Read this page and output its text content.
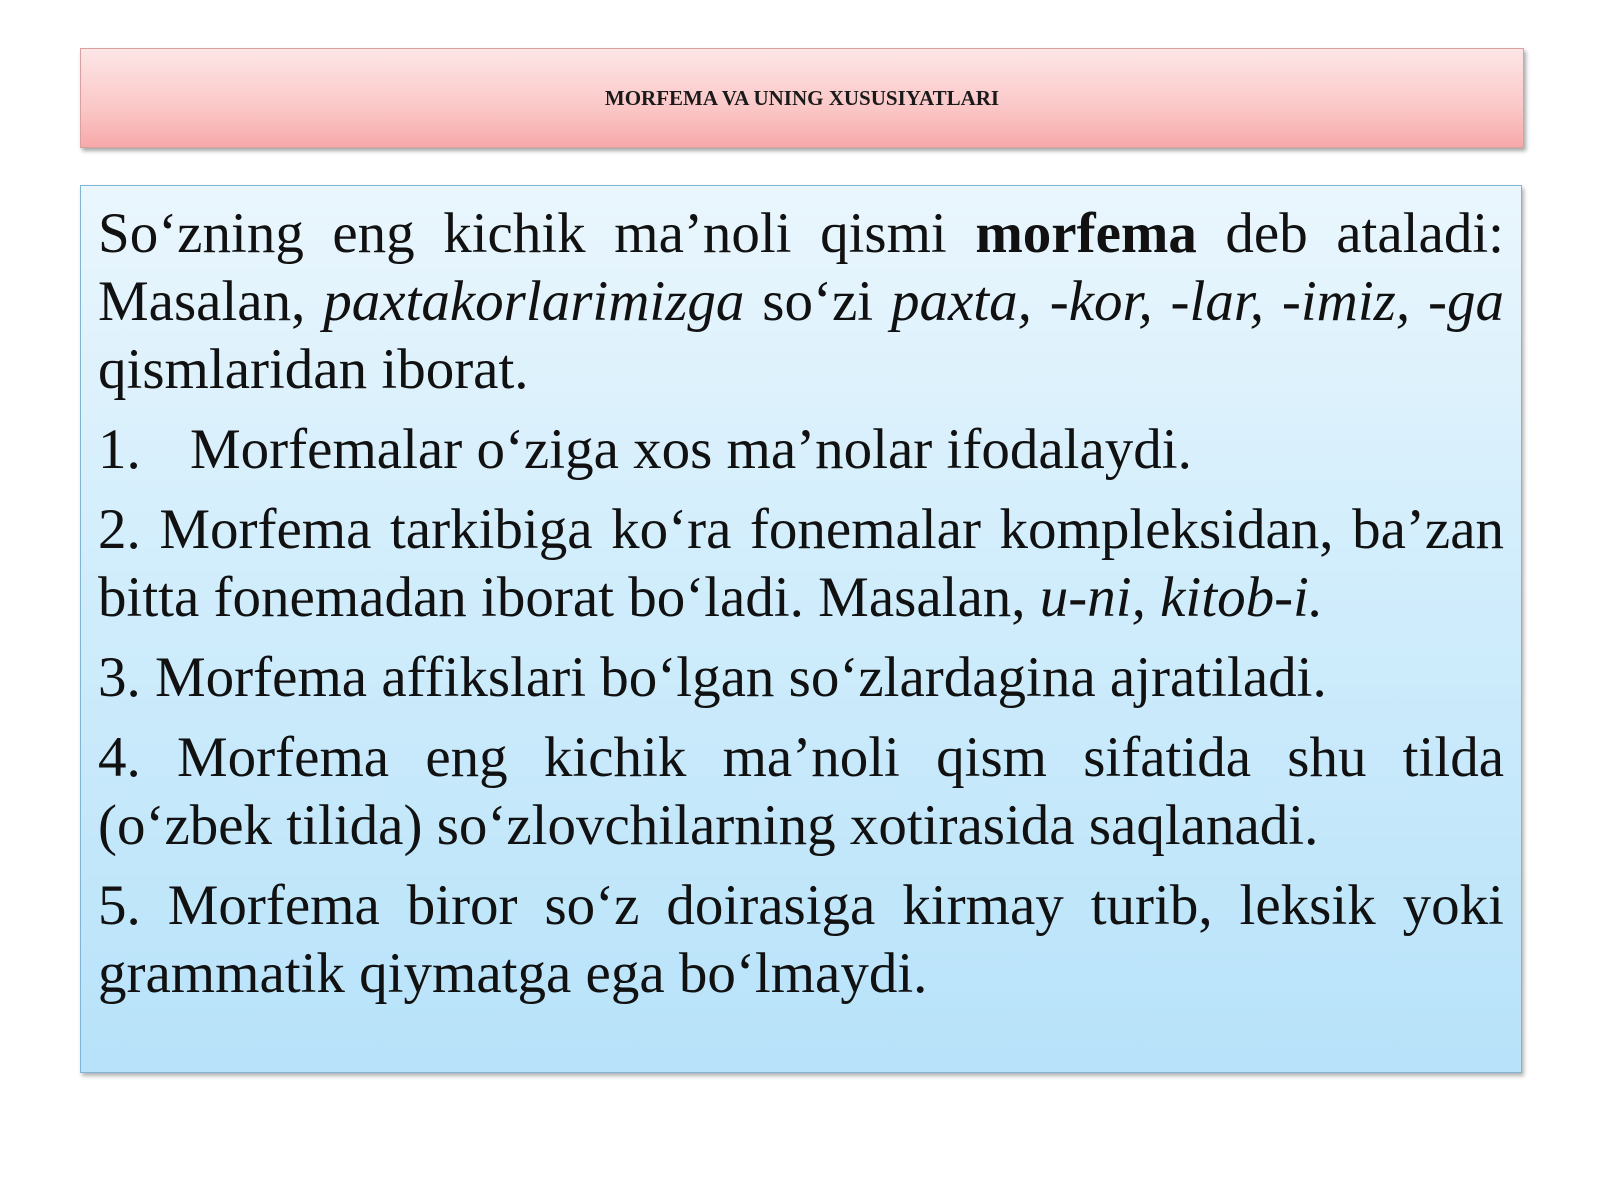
MORFEMA VA UNING XUSUSIYATLARI

So‘zning eng kichik ma’noli qismi morfema deb ataladi: Masalan, paxtakorlarimizga so‘zi paxta, -kor, -lar, -imiz, -ga qismlaridan iborat.

1. Morfemalar o‘ziga xos ma’nolar ifodalaydi.

2. Morfema tarkibiga ko‘ra fonemalar kompleksidan, ba’zan bitta fonemadan iborat bo‘ladi. Masalan, u-ni, kitob-i.

3. Morfema affikslari bo‘lgan so‘zlardagina ajratiladi.

4. Morfema eng kichik ma’noli qism sifatida shu tilda (o‘zbek tilida) so‘zlovchilarning xotirasida saqlanadi.

5. Morfema biror so‘z doirasiga kirmay turib, leksik yoki grammatik qiymatga ega bo‘lmaydi.
